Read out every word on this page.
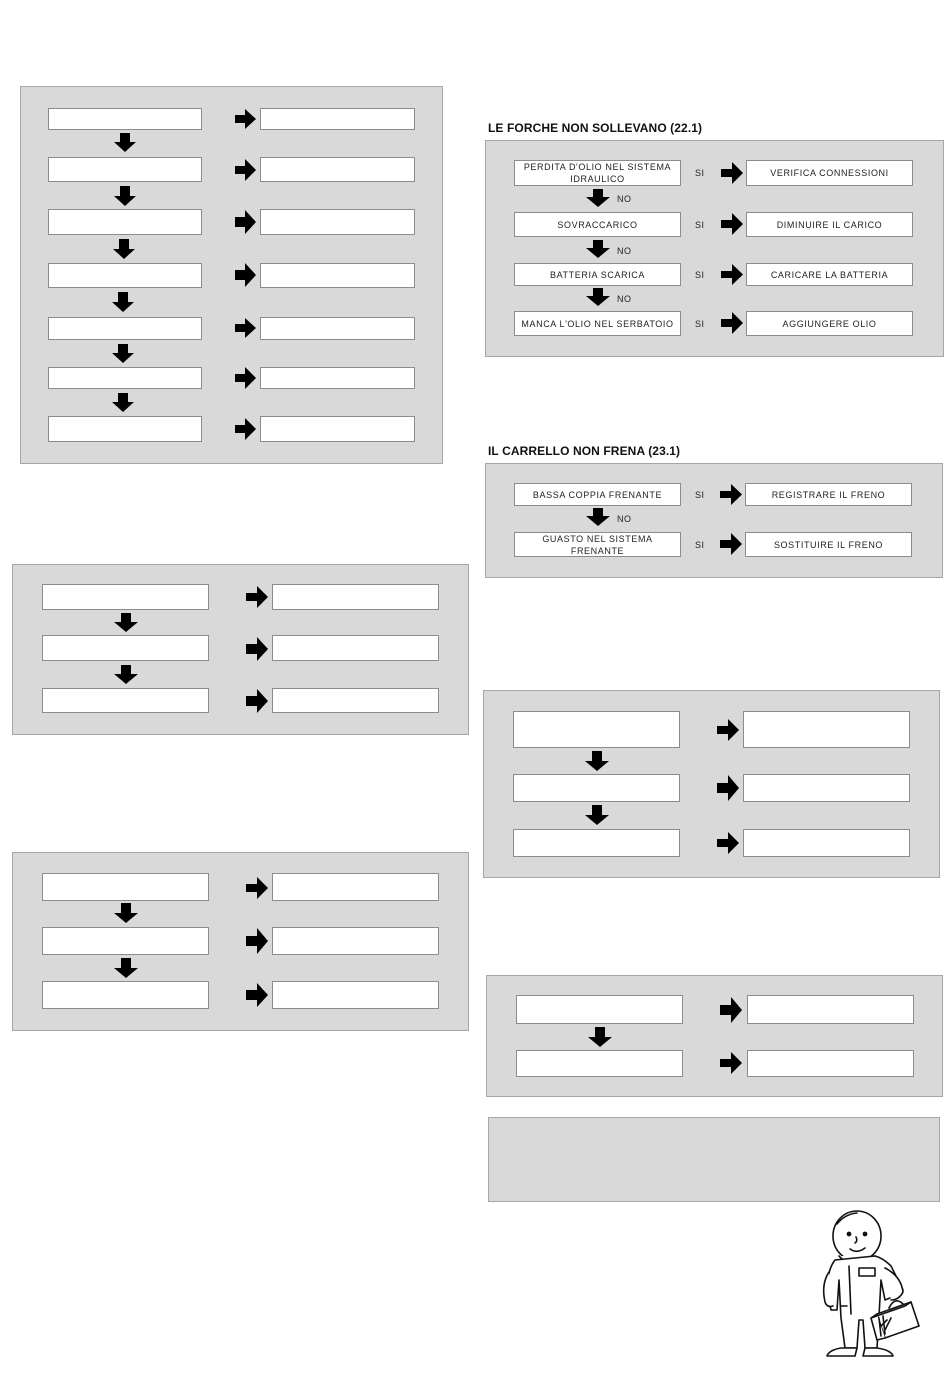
LE FORCHE NON SOLLEVANO (22.1)
PERDITA D'OLIO NEL SISTEMA IDRAULICO
SI	VERIFICA CONNESSIONI
NO
SOVRACCARICO	SI	DIMINUIRE IL CARICO
NO
BATTERIA SCARICA	SI	CARICARE LA BATTERIA
NO
MANCA L'OLIO NEL SERBATOIO	SI	AGGIUNGERE OLIO
IL CARRELLO NON FRENA (23.1)
BASSA COPPIA FRENANTE	SI	REGISTRARE IL FRENO
NO
GUASTO NEL SISTEMA FRENANTE
SI	SOSTITUIRE IL FRENO
